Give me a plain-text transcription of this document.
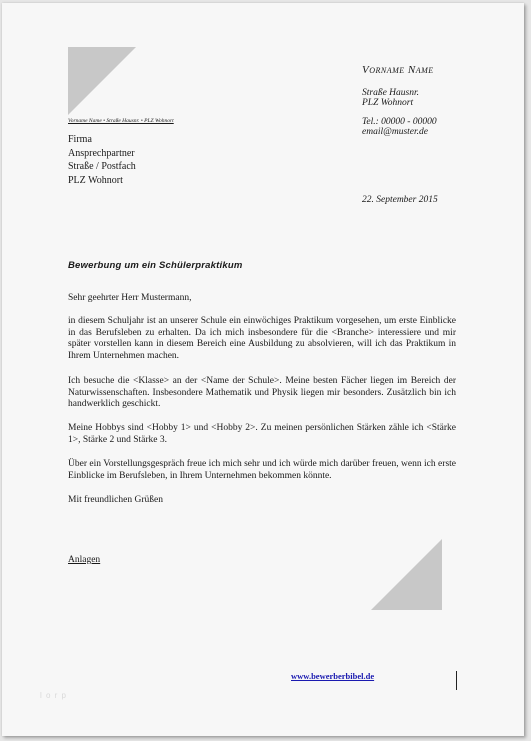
Vorname Name
Straße Hausnr.
PLZ Wohnort
Tel.: 00000 - 00000
email@muster.de
Vorname Name • Straße Hausnr. • PLZ Wohnort
Firma
Ansprechpartner
Straße / Postfach
PLZ Wohnort
22. September 2015
Bewerbung um ein Schülerpraktikum
Sehr geehrter Herr Mustermann,
in diesem Schuljahr ist an unserer Schule ein einwöchiges Praktikum vorgesehen, um erste Einblicke in das Berufsleben zu erhalten. Da ich mich insbesondere für die <Branche> interessiere und mir später vorstellen kann in diesem Bereich eine Ausbildung zu absolvieren, will ich das Praktikum in Ihrem Unternehmen machen.
Ich besuche die <Klasse> an der <Name der Schule>. Meine besten Fächer liegen im Bereich der Naturwissenschaften. Insbesondere Mathematik und Physik liegen mir besonders. Zusätzlich bin ich handwerklich geschickt.
Meine Hobbys sind <Hobby 1> und <Hobby 2>. Zu meinen persönlichen Stärken zähle ich <Stärke 1>, Stärke 2 und Stärke 3.
Über ein Vorstellungsgespräch freue ich mich sehr und ich würde mich darüber freuen, wenn ich erste Einblicke im Berufsleben, in Ihrem Unternehmen bekommen könnte.
Mit freundlichen Grüßen
Anlagen
www.bewerberbibel.de
l o r p
